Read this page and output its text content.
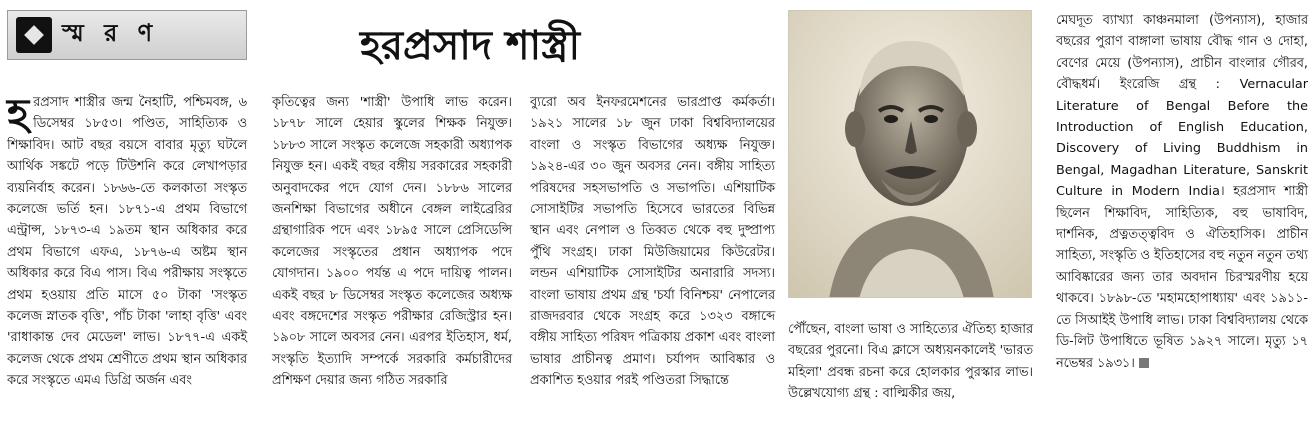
স্ম র ণ	হরপ্রসাদ শাস্ত্রী
হ রপ্রসাদ শাস্ত্রীর জন্ম নৈহাটি, পশ্চিমবঙ্গ, ৬ ডিসেম্বর ১৮৫৩। পণ্ডিত, সাহিত্যিক ও শিক্ষাবিদ। আট বছর বয়সে বাবার মৃত্যু ঘটলে আর্থিক সঙ্কটে পড়ে টিউশনি করে লেখাপড়ার ব্যয়নির্বাহ করেন। ১৮৬৬-তে কলকাতা সংস্কৃত কলেজে ভর্তি হন। ১৮৭১-এ প্রথম বিভাগে এন্ট্রান্স, ১৮৭৩-এ ১৯তম স্থান অধিকার করে প্রথম বিভাগে এফএ, ১৮৭৬-এ অষ্টম স্থান অধিকার করে বিএ পাস। বিএ পরীক্ষায় সংস্কৃতে প্রথম হওয়ায় প্রতি মাসে ৫০ টাকা 'সংস্কৃত কলেজ স্নাতক বৃত্তি', পাঁচ টাকা 'লাহা বৃত্তি' এবং 'রাধাকান্ত দেব মেডেল' লাভ। ১৮৭৭-এ একই কলেজ থেকে প্রথম শ্রেণীতে প্রথম স্থান অধিকার করে সংস্কৃতে এমএ ডিগ্রি অর্জন এবং

কৃতিত্বের জন্য 'শাস্ত্রী' উপাধি লাভ করেন। ১৮৭৮ সালে হেয়ার স্কুলের শিক্ষক নিযুক্ত। ১৮৮৩ সালে সংস্কৃত কলেজে সহকারী অধ্যাপক নিযুক্ত হন। একই বছর বঙ্গীয় সরকারের সহকারী অনুবাদকের পদে যোগ দেন। ১৮৮৬ সালের জনশিক্ষা বিভাগের অধীনে বেঙ্গল লাইব্রেরির গ্রন্থাগারিক পদে এবং ১৮৯৫ সালে প্রেসিডেন্সি কলেজের সংস্কৃতের প্রধান অধ্যাপক পদে যোগদান। ১৯০০ পর্যন্ত এ পদে দায়িত্ব পালন। একই বছর ৮ ডিসেম্বর সংস্কৃত কলেজের অধ্যক্ষ এবং বঙ্গদেশের সংস্কৃত পরীক্ষার রেজিস্ট্রার হন। ১৯০৮ সালে অবসর নেন। এরপর ইতিহাস, ধর্ম, সংস্কৃতি ইত্যাদি সম্পর্কে সরকারি কর্মচারীদের প্রশিক্ষণ দেয়ার জন্য গঠিত সরকারি

ব্যুরো অব ইনফরমেশনের ভারপ্রাপ্ত কর্মকর্তা। ১৯২১ সালের ১৮ জুন ঢাকা বিশ্ববিদ্যালয়ের বাংলা ও সংস্কৃত বিভাগের অধ্যক্ষ নিযুক্ত। ১৯২৪-এর ৩০ জুন অবসর নেন। বঙ্গীয় সাহিত্য পরিষদের সহসভাপতি ও সভাপতি। এশিয়াটিক সোসাইটির সভাপতি হিসেবে ভারতের বিভিন্ন স্থান এবং নেপাল ও তিব্বত থেকে বহু দুষ্প্রাপ্য পুঁথি সংগ্রহ। ঢাকা মিউজিয়ামের কিউরেটর। লন্ডন এশিয়াটিক সোসাইটির অনারারি সদস্য। বাংলা ভাষায় প্রথম গ্রন্থ 'চর্যা বিনিশ্চয়' নেপালের রাজদরবার থেকে সংগ্রহ করে ১৩২৩ বঙ্গাব্দে বঙ্গীয় সাহিত্য পরিষদ পত্রিকায় প্রকাশ এবং বাংলা ভাষার প্রাচীনত্ব প্রমাণ। চর্যাপদ আবিষ্কার ও প্রকাশিত হওয়ার পরই পণ্ডিতরা সিদ্ধান্তে

পৌঁছেন, বাংলা ভাষা ও সাহিত্যের ঐতিহ্য হাজার বছরের পুরনো। বিএ ক্লাসে অধ্যয়নকালেই 'ভারত মহিলা' প্রবন্ধ রচনা করে হোলকার পুরস্কার লাভ। উল্লেখযোগ্য গ্রন্থ : বাল্মিকীর জয়,

মেঘদূত ব্যাখ্যা কাঞ্চনমালা (উপন্যাস), হাজার বছরের পুরাণ বাঙ্গালা ভাষায় বৌদ্ধ গান ও দোহা, বেণের মেয়ে (উপন্যাস), প্রাচীন বাংলার গৌরব, বৌদ্ধধর্ম। ইংরেজি গ্রন্থ : Vernacular Literature of Bengal Before the Introduction of English Education, Discovery of Living Buddhism in Bengal, Magadhan Literature, Sanskrit Culture in Modern India। হরপ্রসাদ শাস্ত্রী ছিলেন শিক্ষাবিদ, সাহিত্যিক, বহু ভাষাবিদ, দার্শনিক, প্রত্নতত্ত্ববিদ ও ঐতিহাসিক। প্রাচীন সাহিত্য, সংস্কৃতি ও ইতিহাসের বহু নতুন নতুন তথ্য আবিষ্কারের জন্য তার অবদান চিরস্মরণীয় হয়ে থাকবে। ১৮৯৮-তে 'মহামহোপাধ্যায়' এবং ১৯১১-তে সিআইই উপাধি লাভ। ঢাকা বিশ্ববিদ্যালয় থেকে ডি-লিট উপাধিতে ভূষিত ১৯২৭ সালে। মৃত্যু ১৭ নভেম্বর ১৯৩১।
